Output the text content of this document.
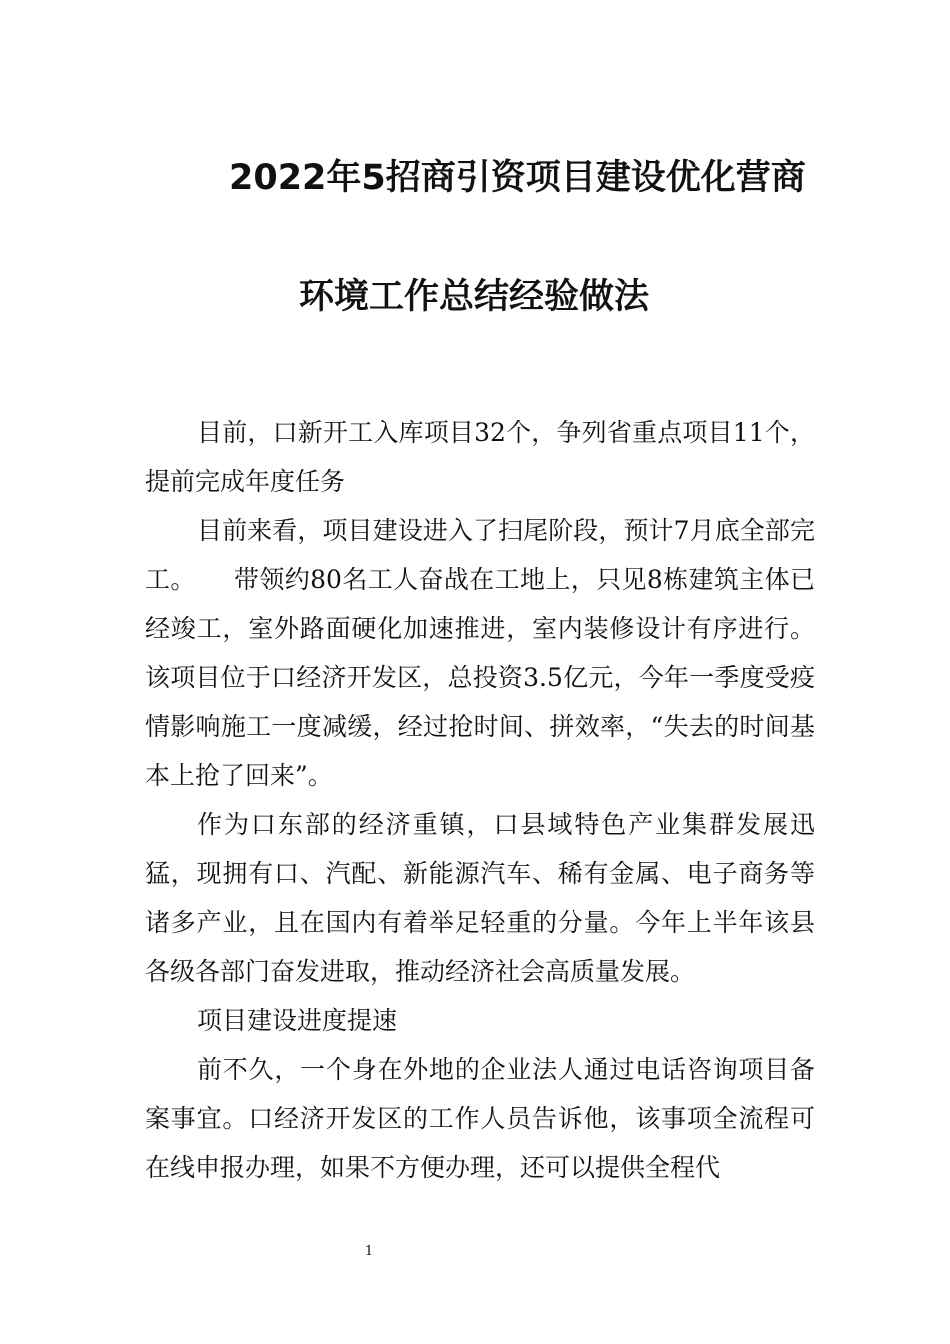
2022年5招商引资项目建设优化营商
环境工作总结经验做法

目前，口新开工入库项目32个，争列省重点项目11个，提前完成年度任务

目前来看，项目建设进入了扫尾阶段，预计7月底全部完工。　　带领约80名工人奋战在工地上，只见8栋建筑主体已经竣工，室外路面硬化加速推进，室内装修设计有序进行。该项目位于口经济开发区，总投资3.5亿元，今年一季度受疫情影响施工一度减缓，经过抢时间、拼效率，“失去的时间基本上抢了回来”。

作为口东部的经济重镇，口县域特色产业集群发展迅猛，现拥有口、汽配、新能源汽车、稀有金属、电子商务等诸多产业，且在国内有着举足轻重的分量。今年上半年该县各级各部门奋发进取，推动经济社会高质量发展。

项目建设进度提速

前不久，一个身在外地的企业法人通过电话咨询项目备案事宜。口经济开发区的工作人员告诉他，该事项全流程可在线申报办理，如果不方便办理，还可以提供全程代

1
